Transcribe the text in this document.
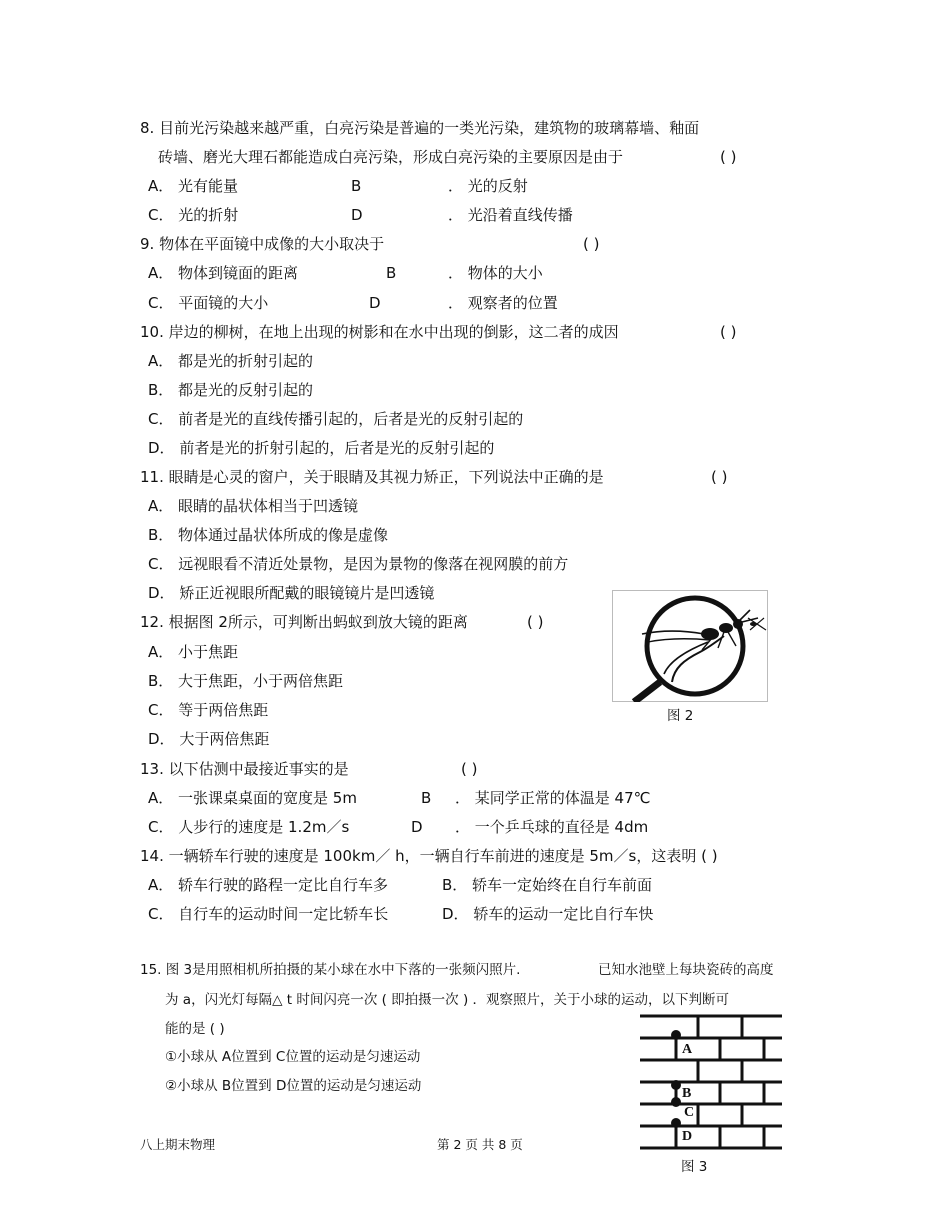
8. 目前光污染越来越严重，白亮污染是普遍的一类光污染，建筑物的玻璃幕墙、釉面
砖墙、磨光大理石都能造成白亮污染，形成白亮污染的主要原因是由于	( )
A． 光有能量	B	． 光的反射
C． 光的折射	D	． 光沿着直线传播
9. 物体在平面镜中成像的大小取决于	( )
A． 物体到镜面的距离	B	． 物体的大小
C． 平面镜的大小	D	． 观察者的位置
10. 岸边的柳树，在地上出现的树影和在水中出现的倒影，这二者的成因	( )
A． 都是光的折射引起的
B． 都是光的反射引起的
C． 前者是光的直线传播引起的，后者是光的反射引起的
D． 前者是光的折射引起的，后者是光的反射引起的
11. 眼睛是心灵的窗户，关于眼睛及其视力矫正，下列说法中正确的是	( )
A． 眼睛的晶状体相当于凹透镜
B． 物体通过晶状体所成的像是虚像
C． 远视眼看不清近处景物，是因为景物的像落在视网膜的前方
D． 矫正近视眼所配戴的眼镜镜片是凹透镜
12. 根据图 2所示，可判断出蚂蚁到放大镜的距离	( )
A． 小于焦距
B． 大于焦距，小于两倍焦距
C． 等于两倍焦距
D． 大于两倍焦距
图 2
13. 以下估测中最接近事实的是	( )
A． 一张课桌桌面的宽度是 5m	B ． 某同学正常的体温是 47℃
C． 人步行的速度是 1.2m／s	D ． 一个乒乓球的直径是 4dm
14. 一辆轿车行驶的速度是 100km／ h，一辆自行车前进的速度是 5m／s，这表明 ( )
A． 轿车行驶的路程一定比自行车多	B． 轿车一定始终在自行车前面
C． 自行车的运动时间一定比轿车长	D． 轿车的运动一定比自行车快
15. 图 3是用照相机所拍摄的某小球在水中下落的一张频闪照片.	已知水池壁上每块瓷砖的高度
为 a，闪光灯每隔△ t 时间闪亮一次 ( 即拍摄一次 ) ．观察照片，关于小球的运动，以下判断可
能的是 ( )
①小球从 A位置到 C位置的运动是匀速运动
②小球从 B位置到 D位置的运动是匀速运动
A
B
C
D
图 3
八上期末物理	第 2 页 共 8 页
